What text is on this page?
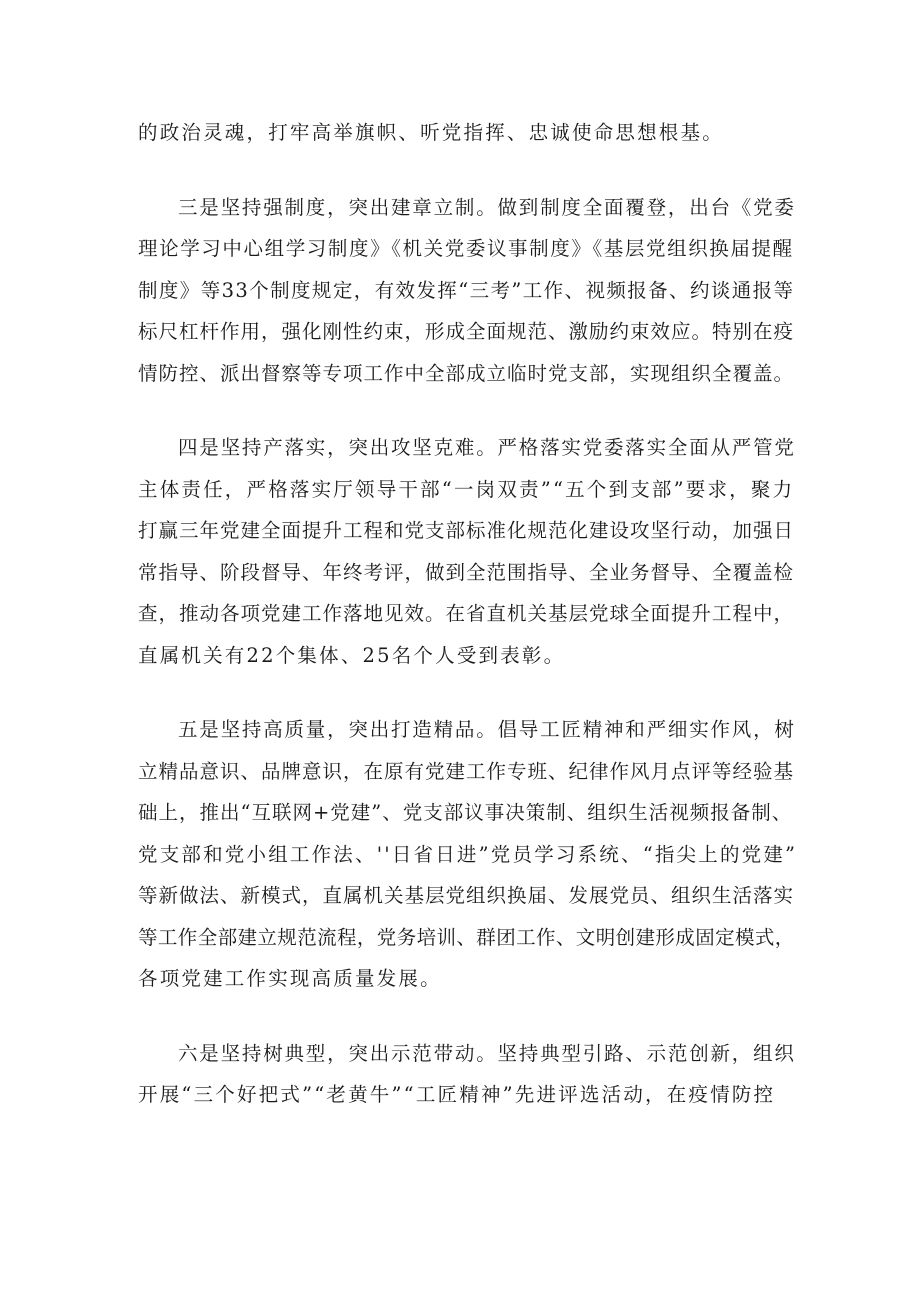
的政治灵魂，打牢高举旗帜、听党指挥、忠诚使命思想根基。

三是坚持强制度，突出建章立制。做到制度全面覆登，出台《党委
理论学习中心组学习制度》《机关党委议事制度》《基层党组织换届提醒
制度》等33个制度规定，有效发挥“三考”工作、视频报备、约谈通报等
标尺杠杆作用，强化刚性约束，形成全面规范、激励约束效应。特别在疫
情防控、派出督察等专项工作中全部成立临时党支部，实现组织全覆盖。

四是坚持产落实，突出攻坚克难。严格落实党委落实全面从严管党
主体责任，严格落实厅领导干部“一岗双责”“五个到支部”要求，聚力
打赢三年党建全面提升工程和党支部标准化规范化建设攻坚行动，加强日
常指导、阶段督导、年终考评，做到全范围指导、全业务督导、全覆盖检
查，推动各项党建工作落地见效。在省直机关基层党球全面提升工程中，
直属机关有22个集体、25名个人受到表彰。

五是坚持高质量，突出打造精品。倡导工匠精神和严细实作风，树
立精品意识、品牌意识，在原有党建工作专班、纪律作风月点评等经验基
础上，推出“互联网+党建”、党支部议事决策制、组织生活视频报备制、
党支部和党小组工作法、''日省日进”党员学习系统、“指尖上的党建”
等新做法、新模式，直属机关基层党组织换届、发展党员、组织生活落实
等工作全部建立规范流程，党务培训、群团工作、文明创建形成固定模式，
各项党建工作实现高质量发展。

六是坚持树典型，突出示范带动。坚持典型引路、示范创新，组织
开展“三个好把式”“老黄牛”“工匠精神”先进评选活动，在疫情防控
